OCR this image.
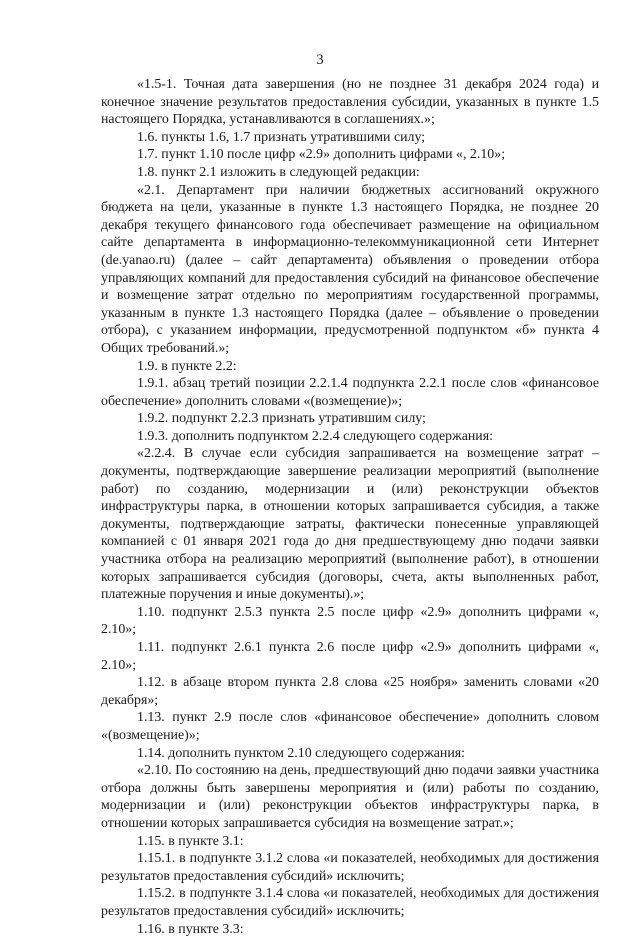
3

«1.5-1. Точная дата завершения (но не позднее 31 декабря 2024 года) и конечное значение результатов предоставления субсидии, указанных в пункте 1.5 настоящего Порядка, устанавливаются в соглашениях.»;

1.6. пункты 1.6, 1.7 признать утратившими силу;

1.7. пункт 1.10 после цифр «2.9» дополнить цифрами «, 2.10»;

1.8. пункт 2.1 изложить в следующей редакции:

«2.1. Департамент при наличии бюджетных ассигнований окружного бюджета на цели, указанные в пункте 1.3 настоящего Порядка, не позднее 20 декабря текущего финансового года обеспечивает размещение на официальном сайте департамента в информационно-телекоммуникационной сети Интернет (de.yanao.ru) (далее – сайт департамента) объявления о проведении отбора управляющих компаний для предоставления субсидий на финансовое обеспечение и возмещение затрат отдельно по мероприятиям государственной программы, указанным в пункте 1.3 настоящего Порядка (далее – объявление о проведении отбора), с указанием информации, предусмотренной подпунктом «б» пункта 4 Общих требований.»;

1.9. в пункте 2.2:

1.9.1. абзац третий позиции 2.2.1.4 подпункта 2.2.1 после слов «финансовое обеспечение» дополнить словами «(возмещение)»;

1.9.2. подпункт 2.2.3 признать утратившим силу;

1.9.3. дополнить подпунктом 2.2.4 следующего содержания:

«2.2.4. В случае если субсидия запрашивается на возмещение затрат – документы, подтверждающие завершение реализации мероприятий (выполнение работ) по созданию, модернизации и (или) реконструкции объектов инфраструктуры парка, в отношении которых запрашивается субсидия, а также документы, подтверждающие затраты, фактически понесенные управляющей компанией с 01 января 2021 года до дня предшествующему дню подачи заявки участника отбора на реализацию мероприятий (выполнение работ), в отношении которых запрашивается субсидия (договоры, счета, акты выполненных работ, платежные поручения и иные документы).»;

1.10. подпункт 2.5.3 пункта 2.5 после цифр «2.9» дополнить цифрами «, 2.10»;

1.11. подпункт 2.6.1 пункта 2.6 после цифр «2.9» дополнить цифрами «, 2.10»;

1.12. в абзаце втором пункта 2.8 слова «25 ноября» заменить словами «20 декабря»;

1.13. пункт 2.9 после слов «финансовое обеспечение» дополнить словом «(возмещение)»;

1.14. дополнить пунктом 2.10 следующего содержания:

«2.10. По состоянию на день, предшествующий дню подачи заявки участника отбора должны быть завершены мероприятия и (или) работы по созданию, модернизации и (или) реконструкции объектов инфраструктуры парка, в отношении которых запрашивается субсидия на возмещение затрат.»;

1.15. в пункте 3.1:

1.15.1. в подпункте 3.1.2 слова «и показателей, необходимых для достижения результатов предоставления субсидий» исключить;

1.15.2. в подпункте 3.1.4 слова «и показателей, необходимых для достижения результатов предоставления субсидий» исключить;

1.16. в пункте 3.3:
